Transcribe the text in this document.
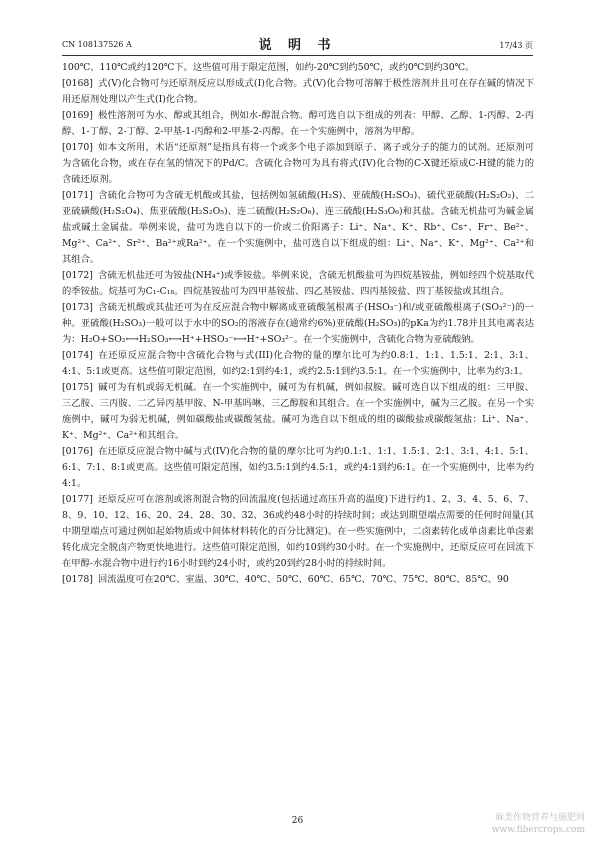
CN 108137526 A	说 明 书	17/43 页

100℃、110℃或约120℃下。这些值可用于限定范围，如约-20℃到约50℃，或约0℃到约30℃。

[0168] 式(V)化合物可与还原剂反应以形成式(I)化合物。式(V)化合物可溶解于极性溶剂并且可在存在碱的情况下用还原剂处理以产生式(I)化合物。

[0169] 极性溶剂可为水、醇或其组合，例如水-醇混合物。醇可选自以下组成的列表：甲醇、乙醇、1-丙醇、2-丙醇、1-丁醇、2-丁醇、2-甲基-1-丙醇和2-甲基-2-丙醇。在一个实施例中，溶剂为甲醇。

[0170] 如本文所用，术语“还原剂”是指具有将一个或多个电子添加到原子、离子或分子的能力的试剂。还原剂可为含硫化合物，或在存在氢的情况下的Pd/C。含硫化合物可为具有将式(IV)化合物的C-X键还原成C-H键的能力的含硫还原剂。

[0171] 含硫化合物可为含硫无机酸或其盐，包括例如氢硫酸(H₂S)、亚硫酸(H₂SO₃)、硫代亚硫酸(H₂S₂O₂)、二亚硫磺酸(H₂S₂O₄)、焦亚硫酸(H₂S₂O₅)、连二硫酸(H₂S₂O₆)、连三硫酸(H₂S₃O₆)和其盐。含硫无机盐可为碱金属盐或碱土金属盐。举例来说，盐可为选自以下的一价或二价阳离子：Li⁺、Na⁺、K⁺、Rb⁺、Cs⁺、Fr⁺、Be²⁺、Mg²⁺、Ca²⁺、Sr²⁺、Ba²⁺或Ra²⁺。在一个实施例中，盐可选自以下组成的组：Li⁺、Na⁺、K⁺、Mg²⁺、Ca²⁺和其组合。

[0172] 含硫无机盐还可为铵盐(NH₄⁺)或季铵盐。举例来说，含硫无机酸盐可为四烷基铵盐，例如经四个烷基取代的季铵盐。烷基可为C₁-C₁₈。四烷基铵盐可为四甲基铵盐、四乙基铵盐、四丙基铵盐、四丁基铵盐或其组合。

[0173] 含硫无机酸或其盐还可为在反应混合物中解离成亚硫酸氢根离子(HSO₃⁻)和/或亚硫酸根离子(SO₃²⁻)的一种。亚硫酸(H₂SO₃)一般可以于水中的SO₂的溶液存在(通常约6%)亚硫酸(H₂SO₃)的pKa为约1.78并且其电离表达为：H₂O+SO₂⟷H₂SO₃⟷H⁺+HSO₃⁻⟷H⁺+SO₃²⁻。在一个实施例中，含硫化合物为亚硫酸钠。

[0174] 在还原反应混合物中含硫化合物与式(III)化合物的量的摩尔比可为约0.8:1、1:1、1.5:1、2:1、3:1、4:1、5:1或更高。这些值可限定范围，如约2:1到约4:1，或约2.5:1到约3.5:1。在一个实施例中，比率为约3:1。

[0175] 碱可为有机或弱无机碱。在一个实施例中，碱可为有机碱，例如叔胺。碱可选自以下组成的组：三甲胺、三乙胺、三丙胺、二乙异丙基甲胺、N-甲基吗啉、三乙醇胺和其组合。在一个实施例中，碱为三乙胺。在另一个实施例中，碱可为弱无机碱，例如碳酸盐或碳酸氢盐。碱可为选自以下组成的组的碳酸盐或碳酸氢盐：Li⁺、Na⁺、K⁺、Mg²⁺、Ca²⁺和其组合。

[0176] 在还原反应混合物中碱与式(IV)化合物的量的摩尔比可为约0.1:1、1:1、1.5:1、2:1、3:1、4:1、5:1、6:1、7:1、8:1或更高。这些值可限定范围，如约3.5:1到约4.5:1，或约4:1到约6:1。在一个实施例中，比率为约4:1。

[0177] 还原反应可在溶剂或溶剂混合物的回流温度(包括通过高压升高的温度)下进行约1、2、3、4、5、6、7、8、9、10、12、16、20、24、28、30、32、36或约48小时的持续时间；或达到期望端点需要的任何时间量(其中期望端点可通过例如起始物质或中间体材料转化的百分比测定)。在一些实施例中，二卤素转化成单卤素比单卤素转化成完全脱卤产物更快地进行。这些值可限定范围，如约10到约30小时。在一个实施例中，还原反应可在回流下在甲醇-水混合物中进行约16小时到约24小时，或约20到约28小时的持续时间。

[0178] 回流温度可在20℃、室温、30℃、40℃、50℃、60℃、65℃、70℃、75℃、80℃、85℃、90

26	麻类作物营养与施肥网
www.fibercrops.com
